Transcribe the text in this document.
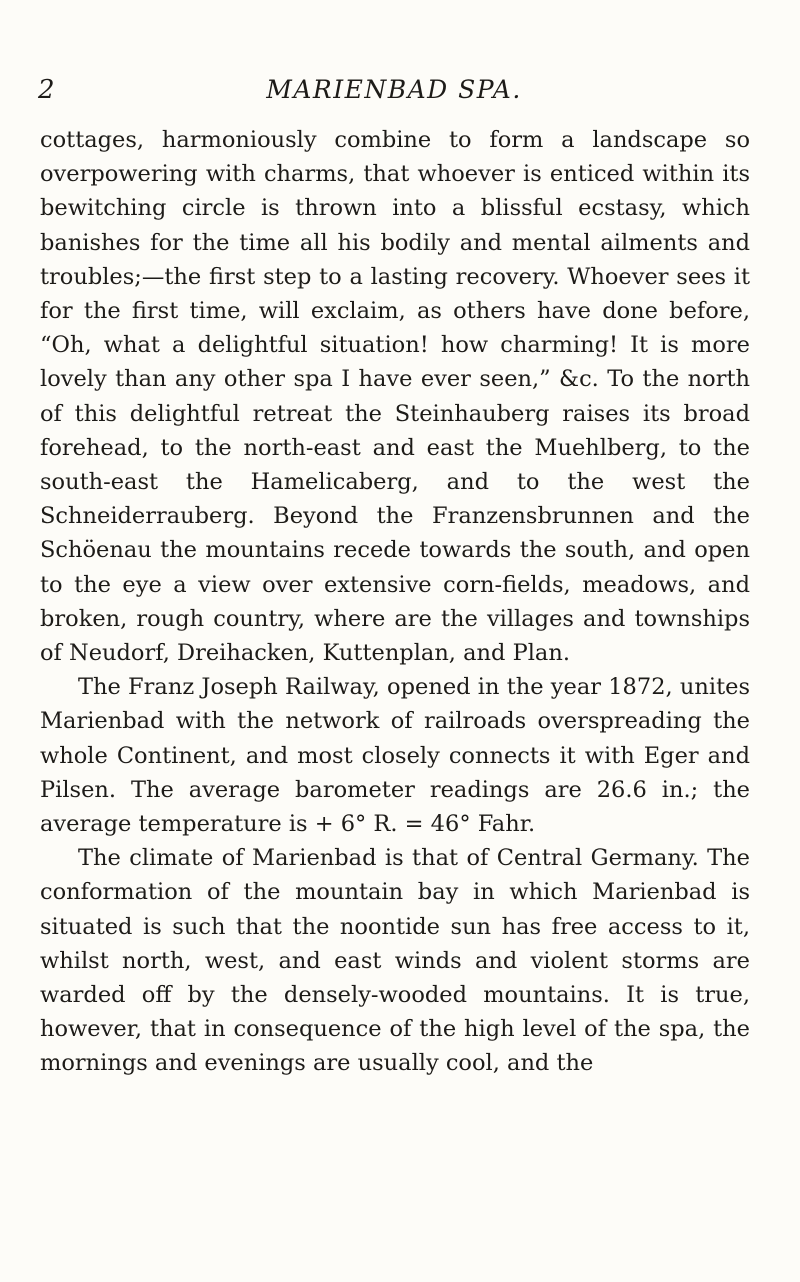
2	MARIENBAD SPA.

cottages, harmoniously combine to form a landscape so overpowering with charms, that whoever is enticed within its bewitching circle is thrown into a blissful ecstasy, which banishes for the time all his bodily and mental ailments and troubles;—the first step to a lasting recovery. Whoever sees it for the first time, will exclaim, as others have done before, “Oh, what a delightful situation! how charming! It is more lovely than any other spa I have ever seen,” &c. To the north of this delightful retreat the Steinhauberg raises its broad forehead, to the north-east and east the Muehlberg, to the south-east the Hamelicaberg, and to the west the Schneiderrauberg. Beyond the Franzensbrunnen and the Schöenau the mountains recede towards the south, and open to the eye a view over extensive corn-fields, meadows, and broken, rough country, where are the villages and townships of Neudorf, Dreihacken, Kuttenplan, and Plan.

The Franz Joseph Railway, opened in the year 1872, unites Marienbad with the network of railroads overspreading the whole Continent, and most closely connects it with Eger and Pilsen. The average barometer readings are 26.6 in.; the average temperature is + 6° R. = 46° Fahr.

The climate of Marienbad is that of Central Germany. The conformation of the mountain bay in which Marienbad is situated is such that the noontide sun has free access to it, whilst north, west, and east winds and violent storms are warded off by the densely-wooded mountains. It is true, however, that in consequence of the high level of the spa, the mornings and evenings are usually cool, and the
